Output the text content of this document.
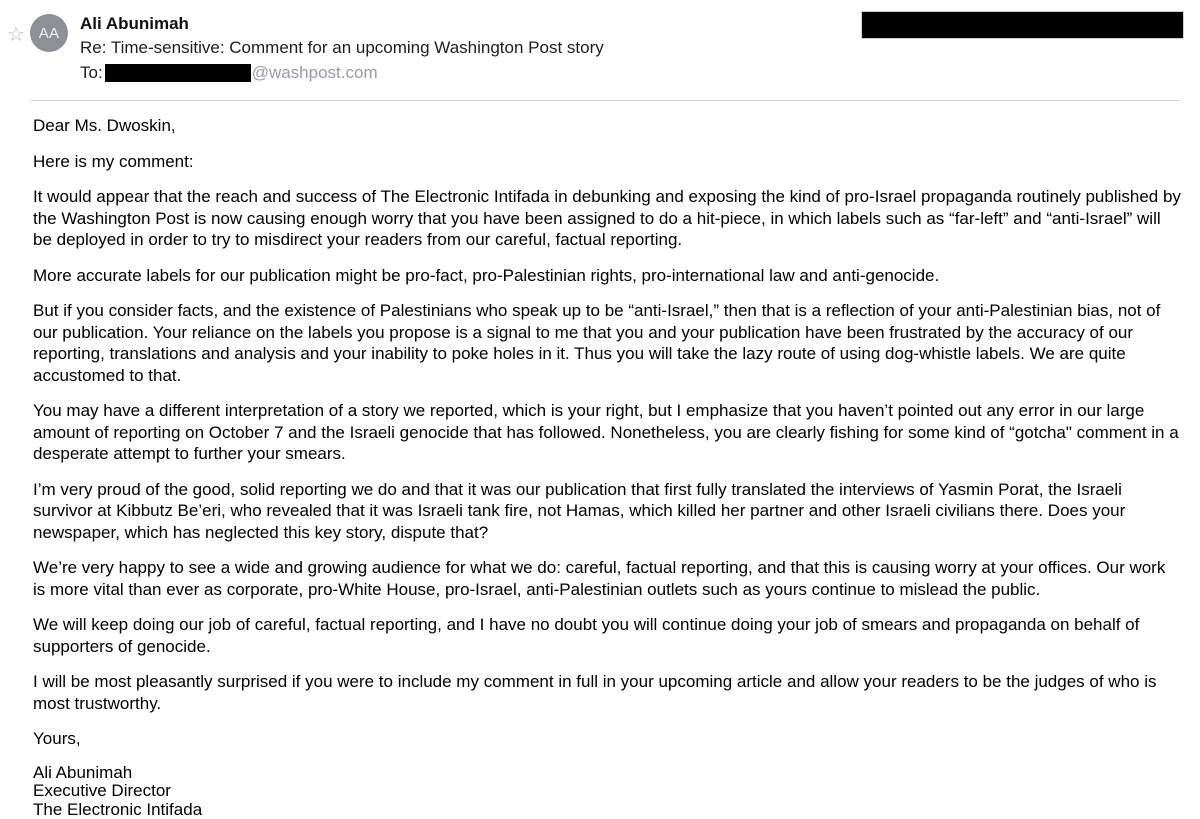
☆ AA Ali Abunimah
Re: Time-sensitive: Comment for an upcoming Washington Post story
To:	@washpost.com

Dear Ms. Dwoskin,

Here is my comment:

It would appear that the reach and success of The Electronic Intifada in debunking and exposing the kind of pro-Israel propaganda routinely published by the Washington Post is now causing enough worry that you have been assigned to do a hit-piece, in which labels such as “far-left” and “anti-Israel” will be deployed in order to try to misdirect your readers from our careful, factual reporting.

More accurate labels for our publication might be pro-fact, pro-Palestinian rights, pro-international law and anti-genocide.

But if you consider facts, and the existence of Palestinians who speak up to be “anti-Israel,” then that is a reflection of your anti-Palestinian bias, not of our publication. Your reliance on the labels you propose is a signal to me that you and your publication have been frustrated by the accuracy of our reporting, translations and analysis and your inability to poke holes in it. Thus you will take the lazy route of using dog-whistle labels. We are quite accustomed to that.

You may have a different interpretation of a story we reported, which is your right, but I emphasize that you haven’t pointed out any error in our large amount of reporting on October 7 and the Israeli genocide that has followed. Nonetheless, you are clearly fishing for some kind of “gotcha" comment in a desperate attempt to further your smears.

I’m very proud of the good, solid reporting we do and that it was our publication that first fully translated the interviews of Yasmin Porat, the Israeli survivor at Kibbutz Be’eri, who revealed that it was Israeli tank fire, not Hamas, which killed her partner and other Israeli civilians there. Does your newspaper, which has neglected this key story, dispute that?

We’re very happy to see a wide and growing audience for what we do: careful, factual reporting, and that this is causing worry at your offices. Our work is more vital than ever as corporate, pro-White House, pro-Israel, anti-Palestinian outlets such as yours continue to mislead the public.

We will keep doing our job of careful, factual reporting, and I have no doubt you will continue doing your job of smears and propaganda on behalf of supporters of genocide.

I will be most pleasantly surprised if you were to include my comment in full in your upcoming article and allow your readers to be the judges of who is most trustworthy.

Yours,

Ali Abunimah
Executive Director
The Electronic Intifada
